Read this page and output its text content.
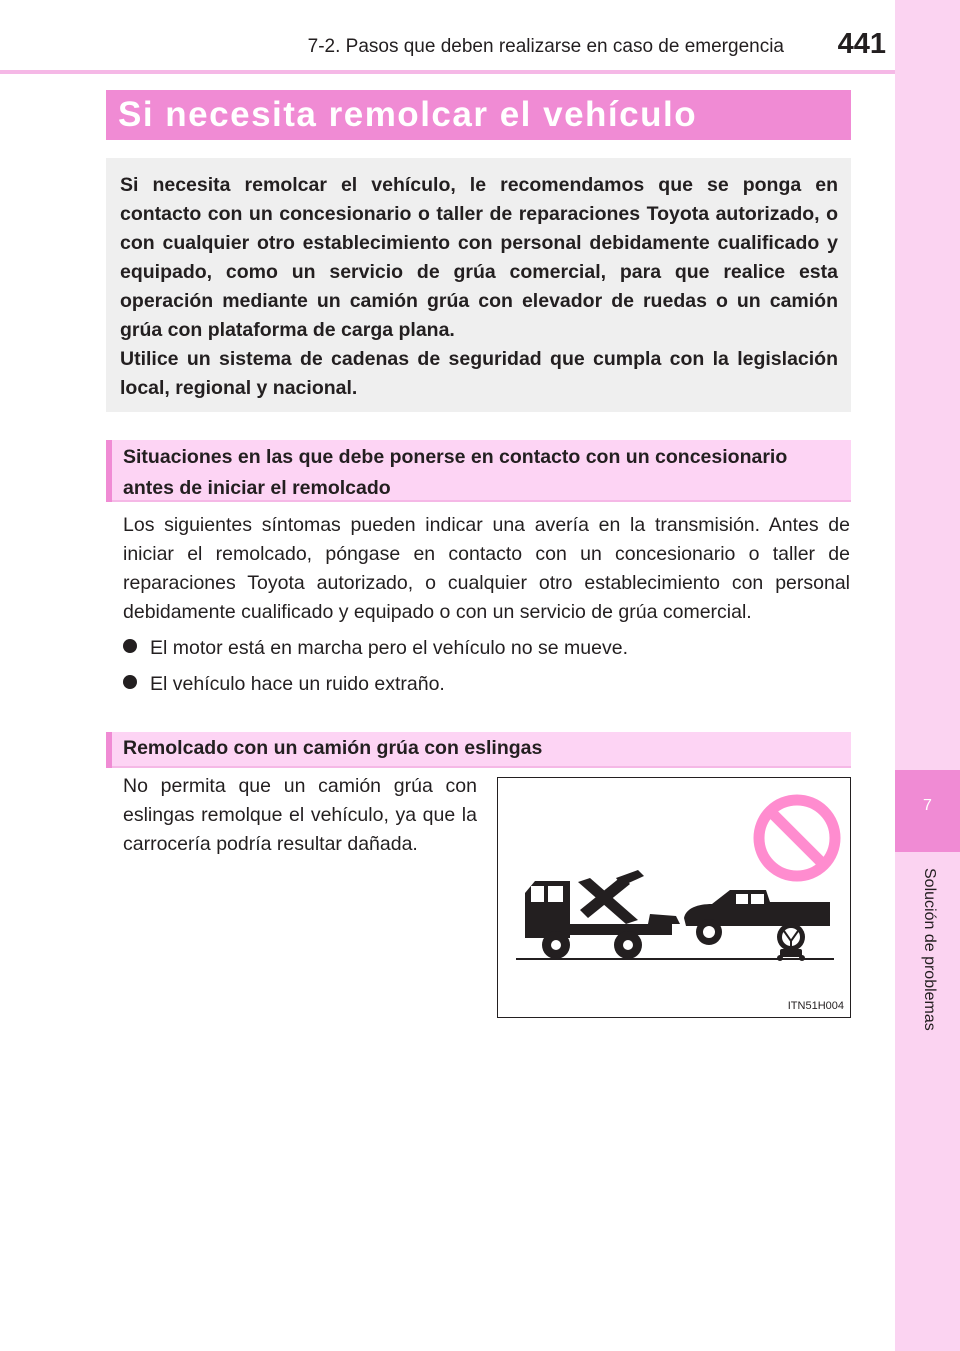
7-2. Pasos que deben realizarse en caso de emergencia	441
7
Solución de problemas
Si necesita remolcar el vehículo

Si necesita remolcar el vehículo, le recomendamos que se ponga en contacto con un concesionario o taller de reparaciones Toyota autorizado, o con cualquier otro establecimiento con personal debidamente cualificado y equipado, como un servicio de grúa comercial, para que realice esta operación mediante un camión grúa con elevador de ruedas o un camión grúa con plataforma de carga plana.
Utilice un sistema de cadenas de seguridad que cumpla con la legislación local, regional y nacional.

Situaciones en las que debe ponerse en contacto con un concesionario antes de iniciar el remolcado

Los siguientes síntomas pueden indicar una avería en la transmisión. Antes de iniciar el remolcado, póngase en contacto con un concesionario o taller de reparaciones Toyota autorizado, o cualquier otro establecimiento con personal debidamente cualificado y equipado o con un servicio de grúa comercial.

El motor está en marcha pero el vehículo no se mueve.
El vehículo hace un ruido extraño.

Remolcado con un camión grúa con eslingas

No permita que un camión grúa con eslingas remolque el vehículo, ya que la carrocería podría resultar dañada.

ITN51H004
